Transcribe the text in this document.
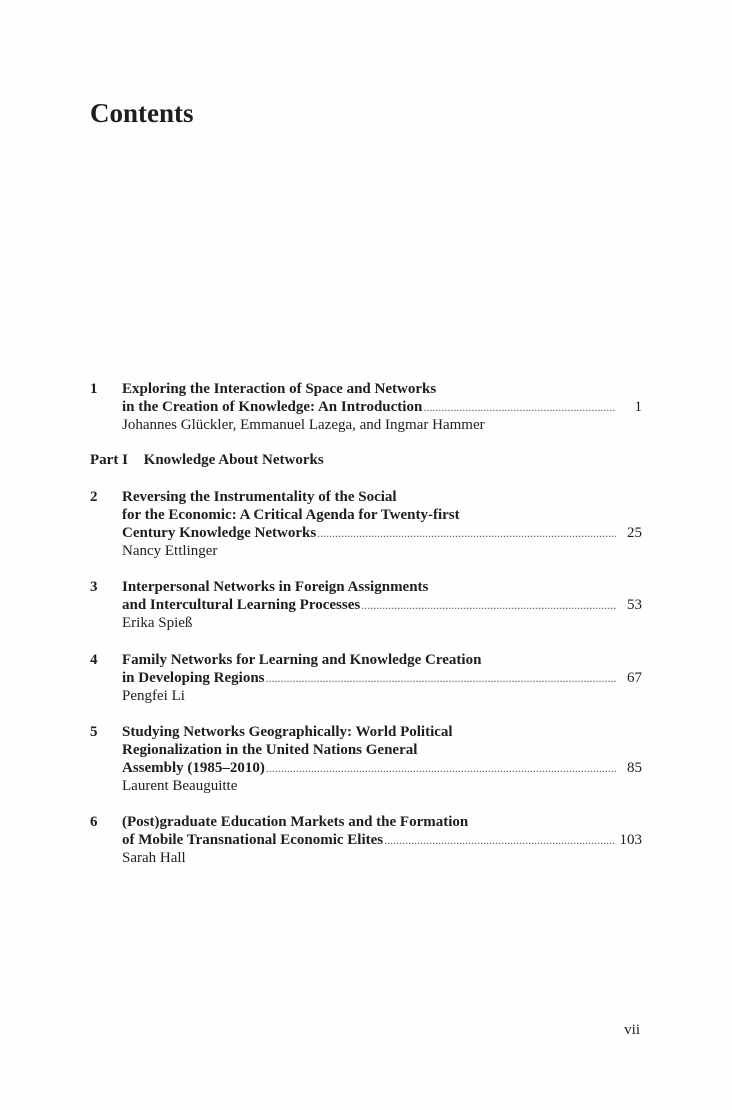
Contents
1	Exploring the Interaction of Space and Networks
in the Creation of Knowledge: An Introduction .....	1
Johannes Glückler, Emmanuel Lazega, and Ingmar Hammer
2	Reversing the Instrumentality of the Social
for the Economic: A Critical Agenda for Twenty-first
Century Knowledge Networks .....	25
Nancy Ettlinger
3	Interpersonal Networks in Foreign Assignments
and Intercultural Learning Processes .....	53
Erika Spieß
4	Family Networks for Learning and Knowledge Creation
in Developing Regions .....	67
Pengfei Li
5	Studying Networks Geographically: World Political
Regionalization in the United Nations General
Assembly (1985–2010) .....	85
Laurent Beauguitte
6	(Post)graduate Education Markets and the Formation
of Mobile Transnational Economic Elites .....	103
Sarah Hall
Part I Knowledge About Networks
vii
